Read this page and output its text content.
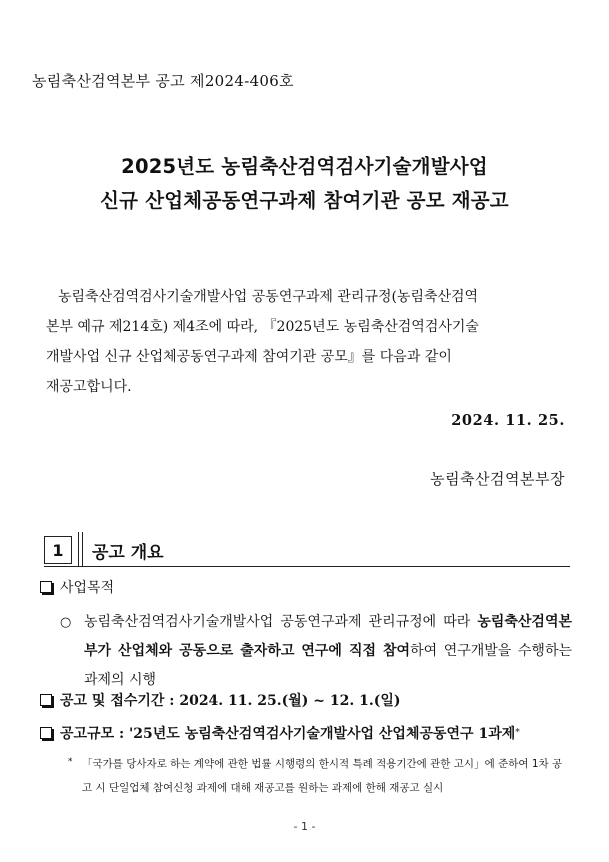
농림축산검역본부 공고 제2024-406호
2025년도 농림축산검역검사기술개발사업
신규 산업체공동연구과제 참여기관 공모 재공고
농림축산검역검사기술개발사업 공동연구과제 관리규정(농림축산검역
본부 예규 제214호) 제4조에 따라, 『2025년도 농림축산검역검사기술
개발사업 신규 산업체공동연구과제 참여기관 공모』를 다음과 같이
재공고합니다.
2024. 11. 25.
농림축산검역본부장
1	공고 개요
사업목적
○ 농림축산검역검사기술개발사업 공동연구과제 관리규정에 따라 농림축산검역본부가 산업체와 공동으로 출자하고 연구에 직접 참여하여 연구개발을 수행하는 과제의 시행
공고 및 접수기간 : 2024. 11. 25.(월) ~ 12. 1.(일)
공고규모 : '25년도 농림축산검역검사기술개발사업 산업체공동연구 1과제 *
* 「국가를 당사자로 하는 계약에 관한 법률 시행령의 한시적 특례 적용기간에 관한 고시」에 준하여 1차 공고 시 단일업체 참여신청 과제에 대해 재공고를 원하는 과제에 한해 재공고 실시
- 1 -
